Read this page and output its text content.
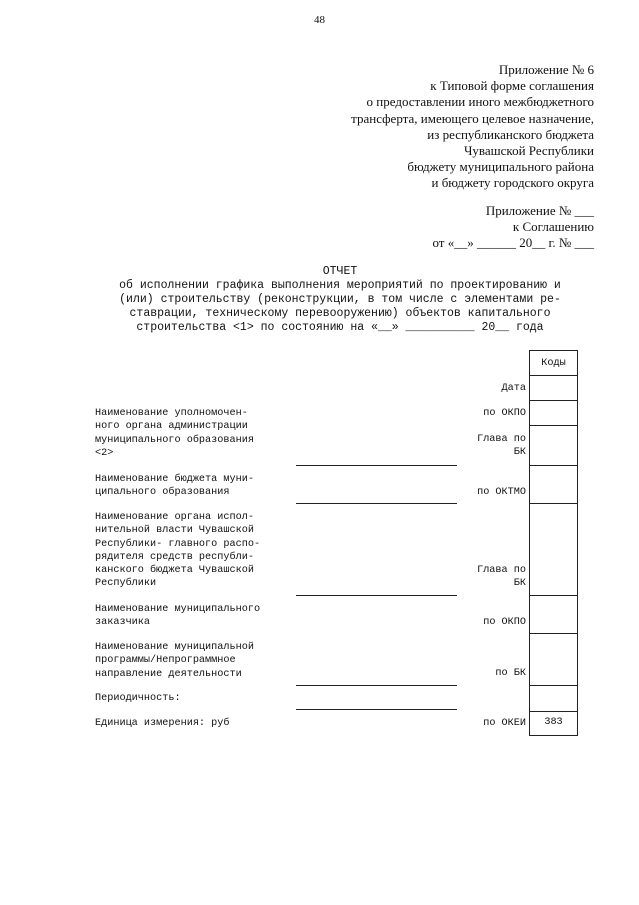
48
Приложение № 6
к Типовой форме соглашения
о предоставлении иного межбюджетного
трансферта, имеющего целевое назначение,
из республиканского бюджета
Чувашской Республики
бюджету муниципального района
и бюджету городского округа
Приложение № ___
к Соглашению
от «__» ______ 20__ г. № ___
ОТЧЕТ
об исполнении графика выполнения мероприятий по проектированию и
(или) строительству (реконструкции, в том числе с элементами ре-
ставрации, техническому перевооружению) объектов капитального
строительства <1> по состоянию на «__» __________ 20__ года
Наименование уполномочен-
ного органа администрации
муниципального образования
<2>
Наименование бюджета муни-
ципального образования
Наименование органа испол-
нительной власти Чувашской
Республики- главного распо-
рядителя средств республи-
канского бюджета Чувашской
Республики
Наименование муниципального
заказчика
Наименование муниципальной
программы/Непрограммное
направление деятельности
Периодичность:
Единица измерения: руб
Дата
по ОКПО
Глава по
БК
по ОКТМО
Глава по
БК
по ОКПО
по БК
по ОКЕИ
Коды
383
